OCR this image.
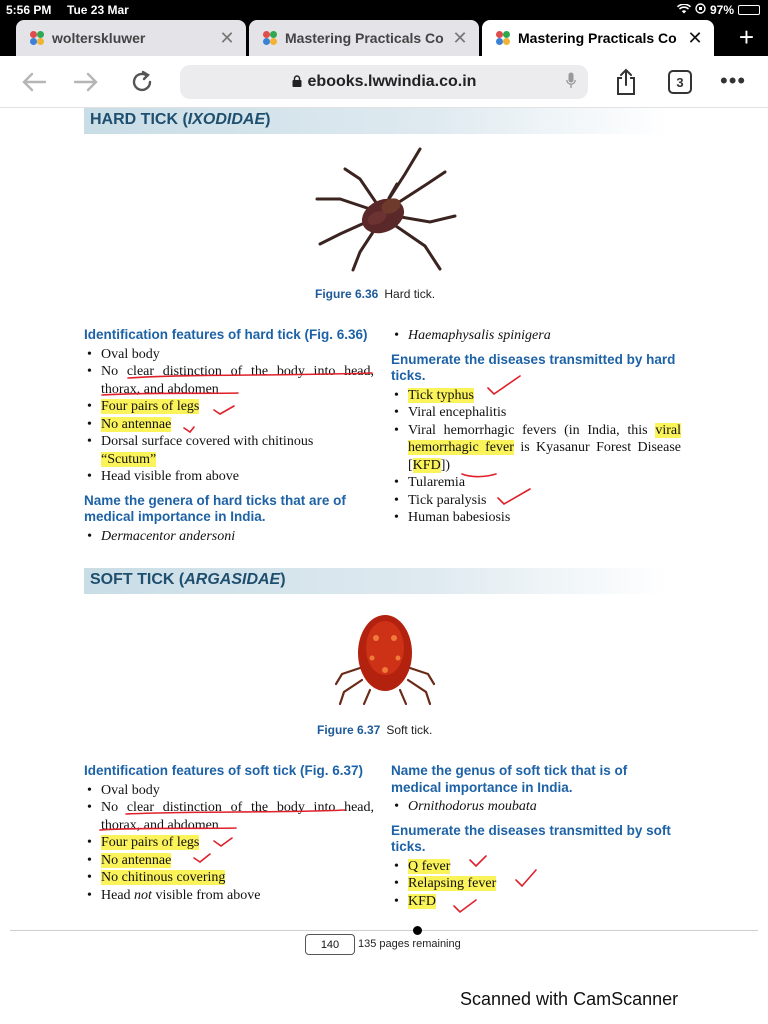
5:56 PM Tue 23 Mar	97%
wolterskluwer	✕	Mastering Practicals Co ✕	Mastering Practicals Co ✕ +
ebooks.lwwindia.co.in	3	•••
HARD TICK (IXODIDAE)
Figure 6.36 Hard tick.
Identification features of hard tick (Fig. 6.36)
• Oval body
• No clear distinction of the body into head, thorax, and abdomen
• Four pairs of legs
• No antennae
• Dorsal surface covered with chitinous
“Scutum”
• Head visible from above
Name the genera of hard ticks that are of medical importance in India.
• Dermacentor andersoni
• Haemaphysalis spinigera
Enumerate the diseases transmitted by hard ticks.
• Tick typhus
• Viral encephalitis
• Viral hemorrhagic fevers (in India, this viral hemorrhagic fever is Kyasanur Forest Disease [KFD])
• Tularemia
• Tick paralysis
• Human babesiosis
SOFT TICK (ARGASIDAE)
Figure 6.37 Soft tick.
Identification features of soft tick (Fig. 6.37)
• Oval body
• No clear distinction of the body into head, thorax, and abdomen
• Four pairs of legs
• No antennae
• No chitinous covering
• Head not visible from above
Name the genus of soft tick that is of medical importance in India.
• Ornithodorus moubata
Enumerate the diseases transmitted by soft ticks.
• Q fever
• Relapsing fever
• KFD
140	135 pages remaining
Scanned with CamScanner
